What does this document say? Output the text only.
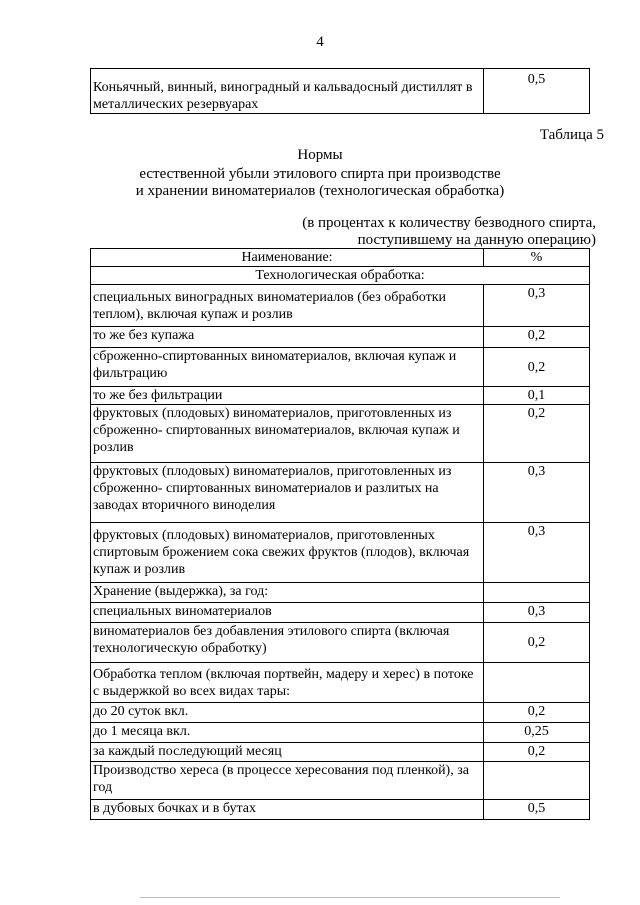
4
Коньячный, винный, виноградный и кальвадосный дистиллят в металлических резервуарах	0,5
Таблица 5
Нормы
естественной убыли этилового спирта при производстве
и хранении виноматериалов (технологическая обработка)
(в процентах к количеству безводного спирта,
поступившему на данную операцию)
Наименование:	%
Технологическая обработка:	
специальных виноградных виноматериалов (без обработки теплом), включая купаж и розлив	0,3
то же без купажа	0,2
сброженно-спиртованных виноматериалов, включая купаж и фильтрацию	0,2
то же без фильтрации	0,1
фруктовых (плодовых) виноматериалов, приготовленных из сброженно- спиртованных виноматериалов, включая купаж и розлив	0,2
фруктовых (плодовых) виноматериалов, приготовленных из сброженно- спиртованных виноматериалов и разлитых на заводах вторичного виноделия	0,3
фруктовых (плодовых) виноматериалов, приготовленных спиртовым брожением сока свежих фруктов (плодов), включая купаж и розлив	0,3
Хранение (выдержка), за год:	
специальных виноматериалов	0,3
виноматериалов без добавления этилового спирта (включая технологическую обработку)	0,2
Обработка теплом (включая портвейн, мадеру и херес) в потоке с выдержкой во всех видах тары:	
до 20 суток вкл.	0,2
до 1 месяца вкл.	0,25
за каждый последующий месяц	0,2
Производство хереса (в процессе хересования под пленкой), за год	
в дубовых бочках и в бутах	0,5
